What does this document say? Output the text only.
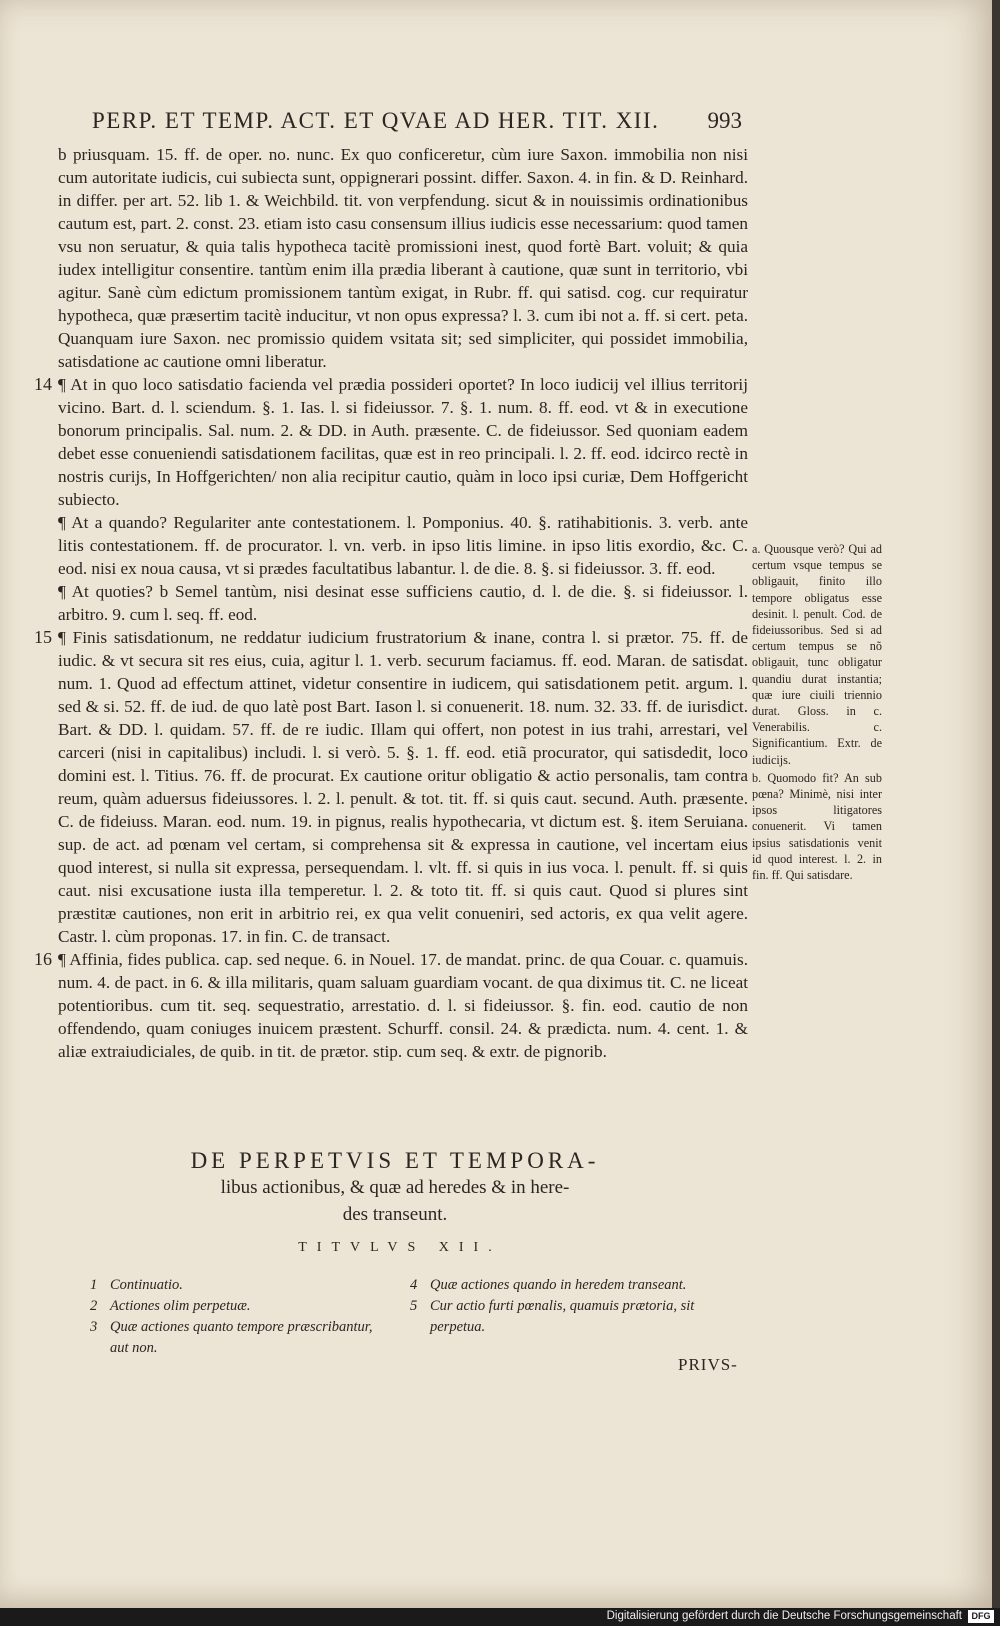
PERP. ET TEMP. ACT. ET QVAE AD HER. TIT. XII. 993

b priusquam. 15. ff. de oper. no. nunc. Ex quo conficeretur, cùm iure Saxon. immobilia non nisi cum autoritate iudicis, cui subiecta sunt, oppignerari possint. differ. Saxon. 4. in fin. & D. Reinhard. in differ. per art. 52. lib 1. & Weichbild. tit. von verpfendung. sicut & in nouissimis ordinationibus cautum est, part. 2. const. 23. etiam isto casu consensum illius iudicis esse necessarium: quod tamen vsu non seruatur, & quia talis hypotheca tacitè promissioni inest, quod fortè Bart. voluit; & quia iudex intelligitur consentire. tantùm enim illa prædia liberant à cautione, quæ sunt in territorio, vbi agitur. Sanè cùm edictum promissionem tantùm exigat, in Rubr. ff. qui satisd. cog. cur requiratur hypotheca, quæ præsertim tacitè inducitur, vt non opus expressa? l. 3. cum ibi not a. ff. si cert. peta. Quanquam iure Saxon. nec promissio quidem vsitata sit; sed simpliciter, qui possidet immobilia, satisdatione ac cautione omni liberatur.

14 ¶ At in quo loco satisdatio facienda vel prædia possideri oportet? In loco iudicij vel illius territorij vicino. Bart. d. l. sciendum. §. 1. Ias. l. si fideiussor. 7. §. 1. num. 8. ff. eod. vt & in executione bonorum principalis. Sal. num. 2. & DD. in Auth. præsente. C. de fideiussor. Sed quoniam eadem debet esse conueniendi satisdationem facilitas, quæ est in reo principali. l. 2. ff. eod. idcirco rectè in nostris curijs, In Hoffgerichten/ non alia recipitur cautio, quàm in loco ipsi curiæ, Dem Hoffgericht subiecto.

¶ At a quando? Regulariter ante contestationem. l. Pomponius. 40. §. ratihabitionis. 3. verb. ante litis contestationem. ff. de procurator. l. vn. verb. in ipso litis limine. in ipso litis exordio, &c. C. eod. nisi ex noua causa, vt si prædes facultatibus labantur. l. de die. 8. §. si fideiussor. 3. ff. eod.

¶ At quoties? b Semel tantùm, nisi desinat esse sufficiens cautio, d. l. de die. §. si fideiussor. l. arbitro. 9. cum l. seq. ff. eod.

15 ¶ Finis satisdationum, ne reddatur iudicium frustratorium & inane, contra l. si prætor. 75. ff. de iudic. & vt secura sit res eius, cuia, agitur l. 1. verb. securum faciamus. ff. eod. Maran. de satisdat. num. 1. Quod ad effectum attinet, videtur consentire in iudicem, qui satisdationem petit. argum. l. sed & si. 52. ff. de iud. de quo latè post Bart. Iason l. si conuenerit. 18. num. 32. 33. ff. de iurisdict. Bart. & DD. l. quidam. 57. ff. de re iudic. Illam qui offert, non potest in ius trahi, arrestari, vel carceri (nisi in capitalibus) includi. l. si verò. 5. §. 1. ff. eod. etiã procurator, qui satisdedit, loco domini est. l. Titius. 76. ff. de procurat. Ex cautione oritur obligatio & actio personalis, tam contra reum, quàm aduersus fideiussores. l. 2. l. penult. & tot. tit. ff. si quis caut. secund. Auth. præsente. C. de fideiuss. Maran. eod. num. 19. in pignus, realis hypothecaria, vt dictum est. §. item Seruiana. sup. de act. ad pœnam vel certam, si comprehensa sit & expressa in cautione, vel incertam eius quod interest, si nulla sit expressa, persequendam. l. vlt. ff. si quis in ius voca. l. penult. ff. si quis caut. nisi excusatione iusta illa temperetur. l. 2. & toto tit. ff. si quis caut. Quod si plures sint præstitæ cautiones, non erit in arbitrio rei, ex qua velit conueniri, sed actoris, ex qua velit agere. Castr. l. cùm proponas. 17. in fin. C. de transact.

16 ¶ Affinia, fides publica. cap. sed neque. 6. in Nouel. 17. de mandat. princ. de qua Couar. c. quamuis. num. 4. de pact. in 6. & illa militaris, quam saluam guardiam vocant. de qua diximus tit. C. ne liceat potentioribus. cum tit. seq. sequestratio, arrestatio. d. l. si fideiussor. §. fin. eod. cautio de non offendendo, quam coniuges inuicem præstent. Schurff. consil. 24. & prædicta. num. 4. cent. 1. & aliæ extraiudiciales, de quib. in tit. de prætor. stip. cum seq. & extr. de pignorib.

a. Quousque verò? Qui ad certum vsque tempus se obligauit, finito illo tempore obligatus esse desinit. l. penult. Cod. de fideiussoribus. Sed si ad certum tempus se nõ obligauit, tunc obligatur quandiu durat instantia; quæ iure ciuili triennio durat. Gloss. in c. Venerabilis. c. Significantium. Extr. de iudicijs.

b. Quomodo fit? An sub pœna? Minimè, nisi inter ipsos litigatores conuenerit. Vi tamen ipsius satisdationis venit id quod interest. l. 2. in fin. ff. Qui satisdare.

DE PERPETVIS ET TEMPORA-
libus actionibus, & quæ ad heredes & in here-
des transeunt.
TITVLVS XII.
1 Continuatio.
2 Actiones olim perpetuæ.
3 Quæ actiones quanto tempore præscribantur, aut non.
4 Quæ actiones quando in heredem transeant.
5 Cur actio furti pœnalis, quamuis prætoria, sit perpetua.
PRIVS-
Digitalisierung gefördert durch die Deutsche Forschungsgemeinschaft	DFG
